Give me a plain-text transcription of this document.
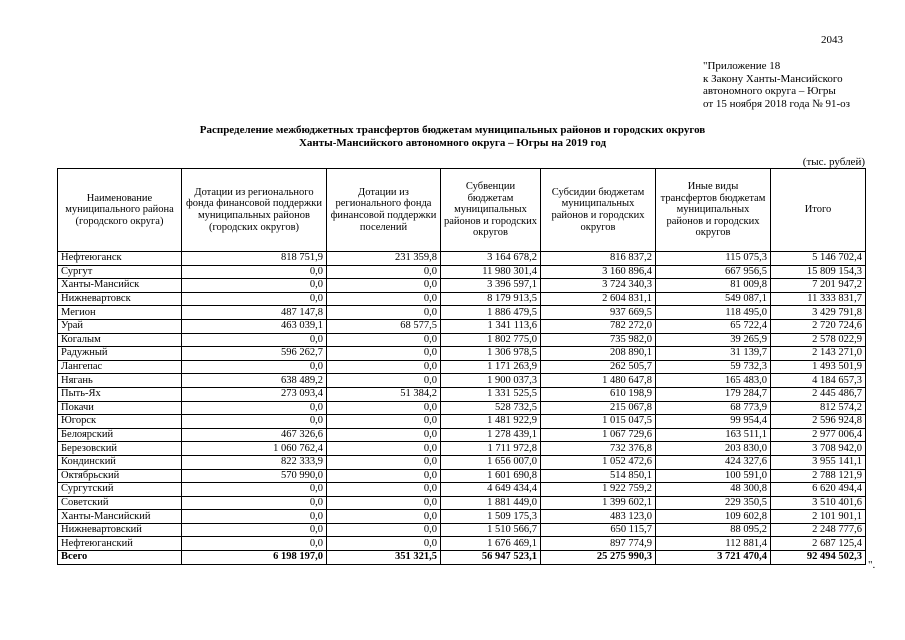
2043
"Приложение 18
к Закону Ханты-Мансийского
автономного округа – Югры
от 15 ноября 2018 года № 91-оз
Распределение межбюджетных трансфертов бюджетам муниципальных районов и городских округов
Ханты-Мансийского автономного округа – Югры на 2019 год
(тыс. рублей)
Наименование муниципального района (городского округа)	Дотации из регионального фонда финансовой поддержки муниципальных районов (городских округов)	Дотации из регионального фонда финансовой поддержки поселений	Субвенции бюджетам муниципальных районов и городских округов	Субсидии бюджетам муниципальных районов и городских округов	Иные виды трансфертов бюджетам муниципальных районов и городских округов	Итого
Нефтеюганск	818 751,9	231 359,8	3 164 678,2	816 837,2	115 075,3	5 146 702,4
Сургут	0,0	0,0	11 980 301,4	3 160 896,4	667 956,5	15 809 154,3
Ханты-Мансийск	0,0	0,0	3 396 597,1	3 724 340,3	81 009,8	7 201 947,2
Нижневартовск	0,0	0,0	8 179 913,5	2 604 831,1	549 087,1	11 333 831,7
Мегион	487 147,8	0,0	1 886 479,5	937 669,5	118 495,0	3 429 791,8
Урай	463 039,1	68 577,5	1 341 113,6	782 272,0	65 722,4	2 720 724,6
Когалым	0,0	0,0	1 802 775,0	735 982,0	39 265,9	2 578 022,9
Радужный	596 262,7	0,0	1 306 978,5	208 890,1	31 139,7	2 143 271,0
Лангепас	0,0	0,0	1 171 263,9	262 505,7	59 732,3	1 493 501,9
Нягань	638 489,2	0,0	1 900 037,3	1 480 647,8	165 483,0	4 184 657,3
Пыть-Ях	273 093,4	51 384,2	1 331 525,5	610 198,9	179 284,7	2 445 486,7
Покачи	0,0	0,0	528 732,5	215 067,8	68 773,9	812 574,2
Югорск	0,0	0,0	1 481 922,9	1 015 047,5	99 954,4	2 596 924,8
Белоярский	467 326,6	0,0	1 278 439,1	1 067 729,6	163 511,1	2 977 006,4
Березовский	1 060 762,4	0,0	1 711 972,8	732 376,8	203 830,0	3 708 942,0
Кондинский	822 333,9	0,0	1 656 007,0	1 052 472,6	424 327,6	3 955 141,1
Октябрьский	570 990,0	0,0	1 601 690,8	514 850,1	100 591,0	2 788 121,9
Сургутский	0,0	0,0	4 649 434,4	1 922 759,2	48 300,8	6 620 494,4
Советский	0,0	0,0	1 881 449,0	1 399 602,1	229 350,5	3 510 401,6
Ханты-Мансийский	0,0	0,0	1 509 175,3	483 123,0	109 602,8	2 101 901,1
Нижневартовский	0,0	0,0	1 510 566,7	650 115,7	88 095,2	2 248 777,6
Нефтеюганский	0,0	0,0	1 676 469,1	897 774,9	112 881,4	2 687 125,4
Всего	6 198 197,0	351 321,5	56 947 523,1	25 275 990,3	3 721 470,4	92 494 502,3
".
